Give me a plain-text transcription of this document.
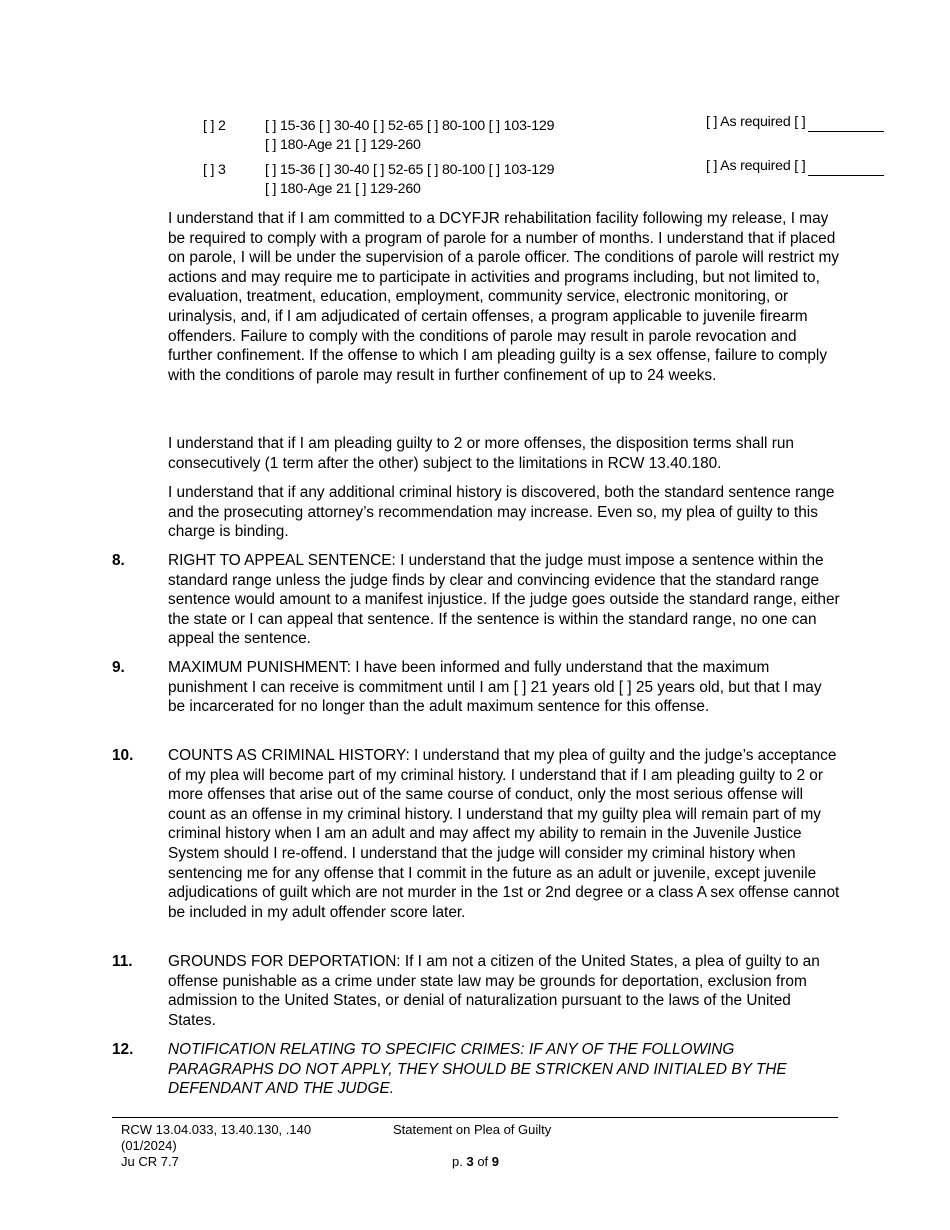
[ ] 2	[ ] 15-36 [ ] 30-40 [ ] 52-65 [ ] 80-100 [ ] 103-129
[ ] 180-Age 21 [ ] 129-260
[ ] As required [ ]
[ ] 3	[ ] 15-36 [ ] 30-40 [ ] 52-65 [ ] 80-100 [ ] 103-129
[ ] 180-Age 21 [ ] 129-260
[ ] As required [ ]
I understand that if I am committed to a DCYFJR rehabilitation facility following my release, I may be required to comply with a program of parole for a number of months. I understand that if placed on parole, I will be under the supervision of a parole officer. The conditions of parole will restrict my actions and may require me to participate in activities and programs including, but not limited to, evaluation, treatment, education, employment, community service, electronic monitoring, or urinalysis, and, if I am adjudicated of certain offenses, a program applicable to juvenile firearm offenders. Failure to comply with the conditions of parole may result in parole revocation and further confinement. If the offense to which I am pleading guilty is a sex offense, failure to comply with the conditions of parole may result in further confinement of up to 24 weeks.
I understand that if I am pleading guilty to 2 or more offenses, the disposition terms shall run consecutively (1 term after the other) subject to the limitations in RCW 13.40.180.
I understand that if any additional criminal history is discovered, both the standard sentence range and the prosecuting attorney’s recommendation may increase. Even so, my plea of guilty to this charge is binding.
8.	RIGHT TO APPEAL SENTENCE: I understand that the judge must impose a sentence within the standard range unless the judge finds by clear and convincing evidence that the standard range sentence would amount to a manifest injustice. If the judge goes outside the standard range, either the state or I can appeal that sentence. If the sentence is within the standard range, no one can appeal the sentence.
9.	MAXIMUM PUNISHMENT: I have been informed and fully understand that the maximum punishment I can receive is commitment until I am [ ] 21 years old [ ] 25 years old, but that I may be incarcerated for no longer than the adult maximum sentence for this offense.
10. COUNTS AS CRIMINAL HISTORY: I understand that my plea of guilty and the judge’s acceptance of my plea will become part of my criminal history. I understand that if I am pleading guilty to 2 or more offenses that arise out of the same course of conduct, only the most serious offense will count as an offense in my criminal history. I understand that my guilty plea will remain part of my criminal history when I am an adult and may affect my ability to remain in the Juvenile Justice System should I re-offend. I understand that the judge will consider my criminal history when sentencing me for any offense that I commit in the future as an adult or juvenile, except juvenile adjudications of guilt which are not murder in the 1st or 2nd degree or a class A sex offense cannot be included in my adult offender score later.
11. GROUNDS FOR DEPORTATION: If I am not a citizen of the United States, a plea of guilty to an offense punishable as a crime under state law may be grounds for deportation, exclusion from admission to the United States, or denial of naturalization pursuant to the laws of the United States.
12. NOTIFICATION RELATING TO SPECIFIC CRIMES: IF ANY OF THE FOLLOWING PARAGRAPHS DO NOT APPLY, THEY SHOULD BE STRICKEN AND INITIALED BY THE DEFENDANT AND THE JUDGE.
RCW 13.04.033, 13.40.130, .140
(01/2024)
Ju CR 7.7
Statement on Plea of Guilty
p. 3 of 9
